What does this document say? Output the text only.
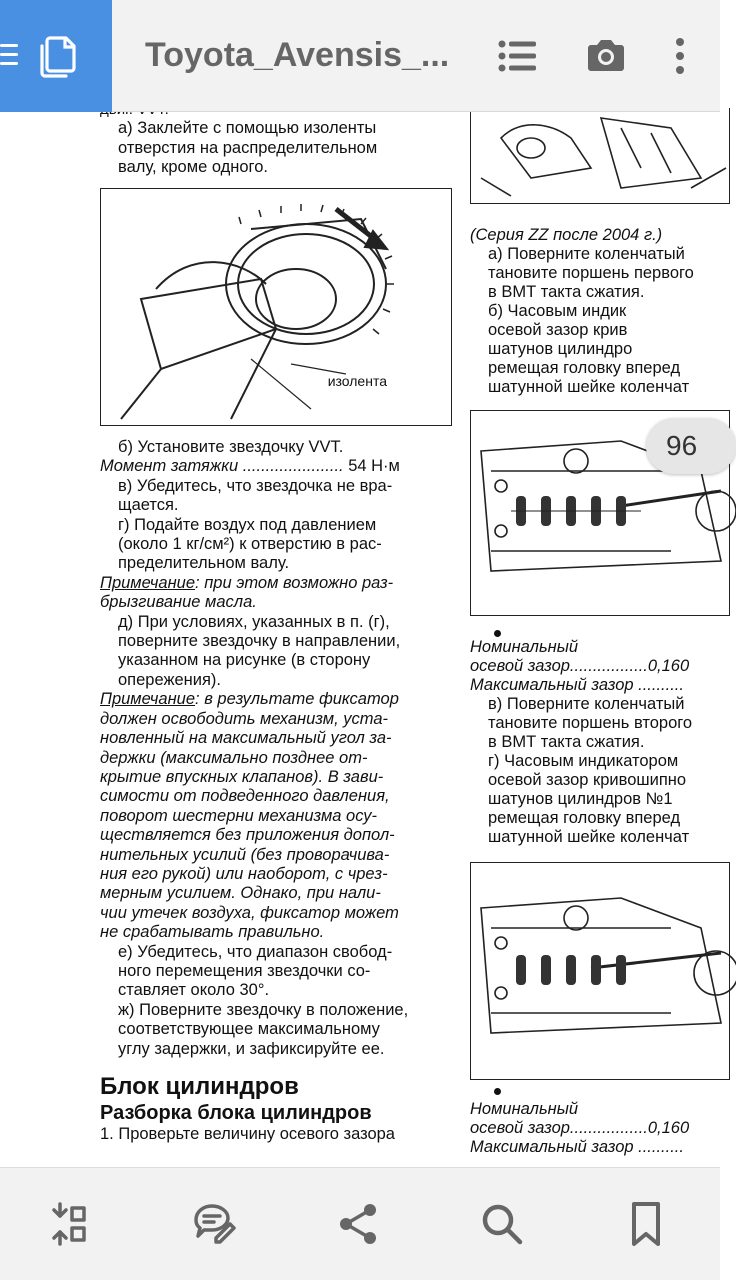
Toyota_Avensis_...

а) Заклейте с помощью изоленты

отверстия на распределительном

валу, кроме одного.

изолента

б) Установите звездочку VVT.

Момент затяжки ...................... 54 Н·м

в) Убедитесь, что звездочка не вра-

щается.

г) Подайте воздух под давлением

(около 1 кг/см²) к отверстию в рас-

пределительном валу.

Примечание: при этом возможно раз-

брызгивание масла.

д) При условиях, указанных в п. (г),

поверните звездочку в направлении,

указанном на рисунке (в сторону

опережения).

Примечание: в результате фиксатор

должен освободить механизм, уста-

новленный на максимальный угол за-

держки (максимально позднее от-

крытие впускных клапанов). В зави-

симости от подведенного давления,

поворот шестерни механизма осу-

ществляется без приложения допол-

нительных усилий (без проворачива-

ния его рукой) или наоборот, с чрез-

мерным усилием. Однако, при нали-

чии утечек воздуха, фиксатор может

не срабатывать правильно.

е) Убедитесь, что диапазон свобод-

ного перемещения звездочки со-

ставляет около 30°.

ж) Поверните звездочку в положение,

соответствующее максимальному

углу задержки, и зафиксируйте ее.

Блок цилиндров

Разборка блока цилиндров

1. Проверьте величину осевого зазора

(Серия ZZ после 2004 г.)

а) Поверните коленчатый

тановите поршень первого

в ВМТ такта сжатия.

б) Часовым индик

осевой зазор крив

шатунов цилиндро

ремещая головку вперед

шатунной шейке коленчат

Номинальный

осевой зазор.................0,160

Максимальный зазор ..........

в) Поверните коленчатый

тановите поршень второго

в ВМТ такта сжатия.

г) Часовым индикатором

осевой зазор кривошипно

шатунов цилиндров №1

ремещая головку вперед

шатунной шейке коленчат

Номинальный

осевой зазор.................0,160

Максимальный зазор ..........

96
